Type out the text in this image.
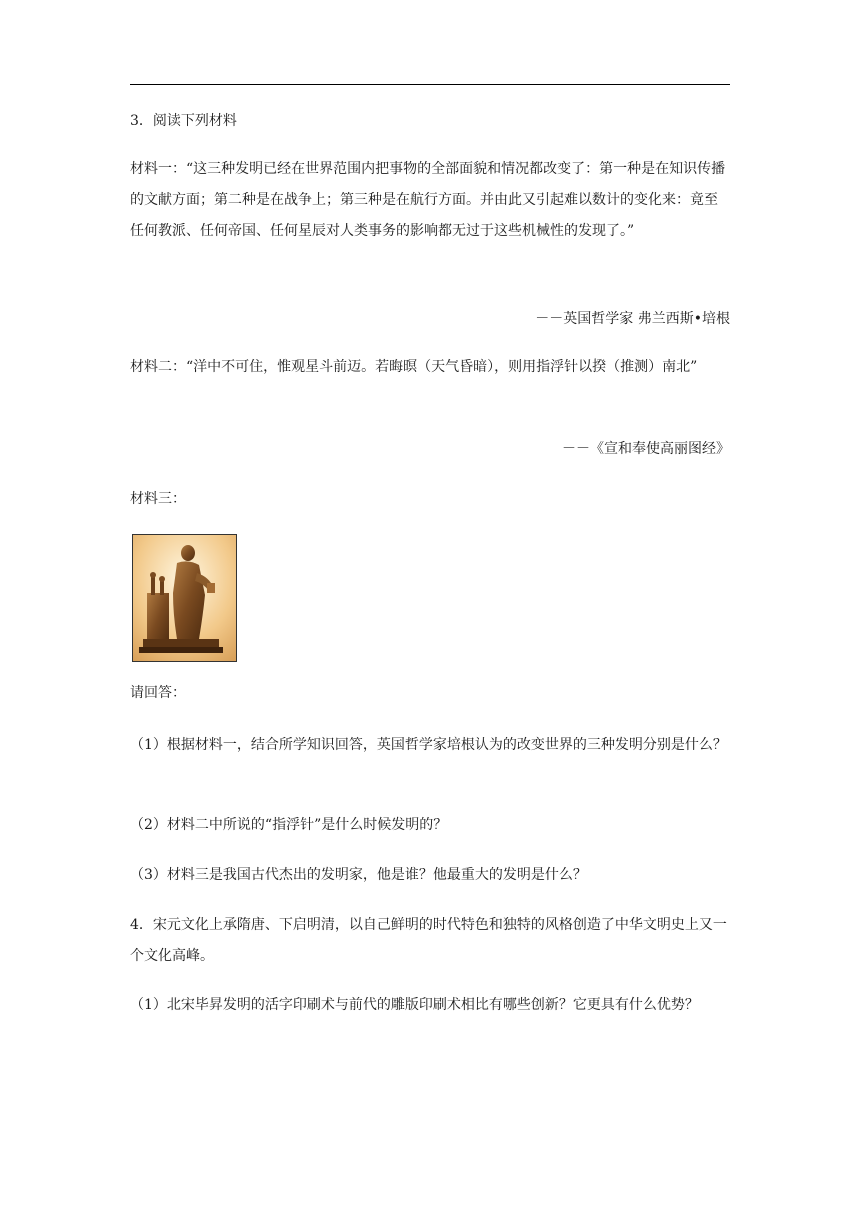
3．阅读下列材料
材料一：“这三种发明已经在世界范围内把事物的全部面貌和情况都改变了：第一种是在知识传播的文献方面；第二种是在战争上；第三种是在航行方面。并由此又引起难以数计的变化来：竟至任何教派、任何帝国、任何星辰对人类事务的影响都无过于这些机械性的发现了。”
－－英国哲学家 弗兰西斯•培根
材料二：“洋中不可住，惟观星斗前迈。若晦暝（天气昏暗），则用指浮针以揆（推测）南北”
－－《宣和奉使高丽图经》
材料三：
请回答：
（1）根据材料一，结合所学知识回答，英国哲学家培根认为的改变世界的三种发明分别是什么？
（2）材料二中所说的“指浮针”是什么时候发明的？
（3）材料三是我国古代杰出的发明家，他是谁？他最重大的发明是什么？
4．宋元文化上承隋唐、下启明清，以自己鲜明的时代特色和独特的风格创造了中华文明史上又一个文化高峰。
（1）北宋毕昇发明的活字印刷术与前代的雕版印刷术相比有哪些创新？它更具有什么优势？
